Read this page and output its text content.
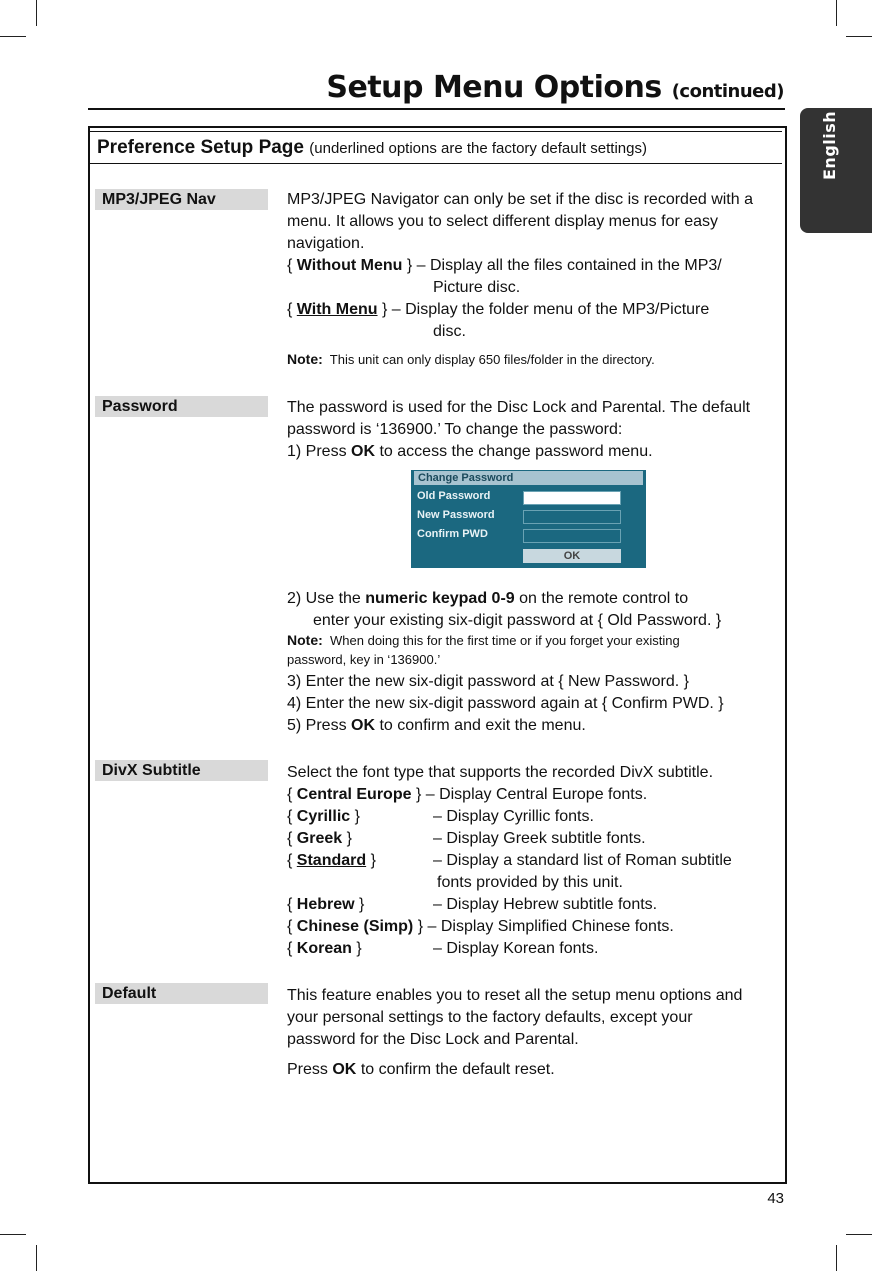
Setup Menu Options (continued)
English
Preference Setup Page (underlined options are the factory default settings)
MP3/JPEG Nav	MP3/JPEG Navigator can only be set if the disc is recorded with a
menu. It allows you to select different display menus for easy
navigation.
{ Without Menu } – Display all the files contained in the MP3/
Picture disc.
{ With Menu } – Display the folder menu of the MP3/Picture
disc.
Note: This unit can only display 650 files/folder in the directory.
Password	The password is used for the Disc Lock and Parental. The default
password is ‘136900.’ To change the password:
1) Press OK to access the change password menu.
Change Password
Old Password
New Password
Confirm PWD
OK
2) Use the numeric keypad 0-9 on the remote control to
enter your existing six-digit password at { Old Password. }
Note: When doing this for the first time or if you forget your existing
password, key in ‘136900.’
3) Enter the new six-digit password at { New Password. }
4) Enter the new six-digit password again at { Confirm PWD. }
5) Press OK to confirm and exit the menu.
DivX Subtitle	Select the font type that supports the recorded DivX subtitle.
{ Central Europe } – Display Central Europe fonts.
{ Cyrillic }	– Display Cyrillic fonts.
{ Greek }	– Display Greek subtitle fonts.
{ Standard }	– Display a standard list of Roman subtitle
fonts provided by this unit.
{ Hebrew }	– Display Hebrew subtitle fonts.
{ Chinese (Simp) } – Display Simplified Chinese fonts.
{ Korean }	– Display Korean fonts.
Default	This feature enables you to reset all the setup menu options and
your personal settings to the factory defaults, except your
password for the Disc Lock and Parental.
Press OK to confirm the default reset.
43
